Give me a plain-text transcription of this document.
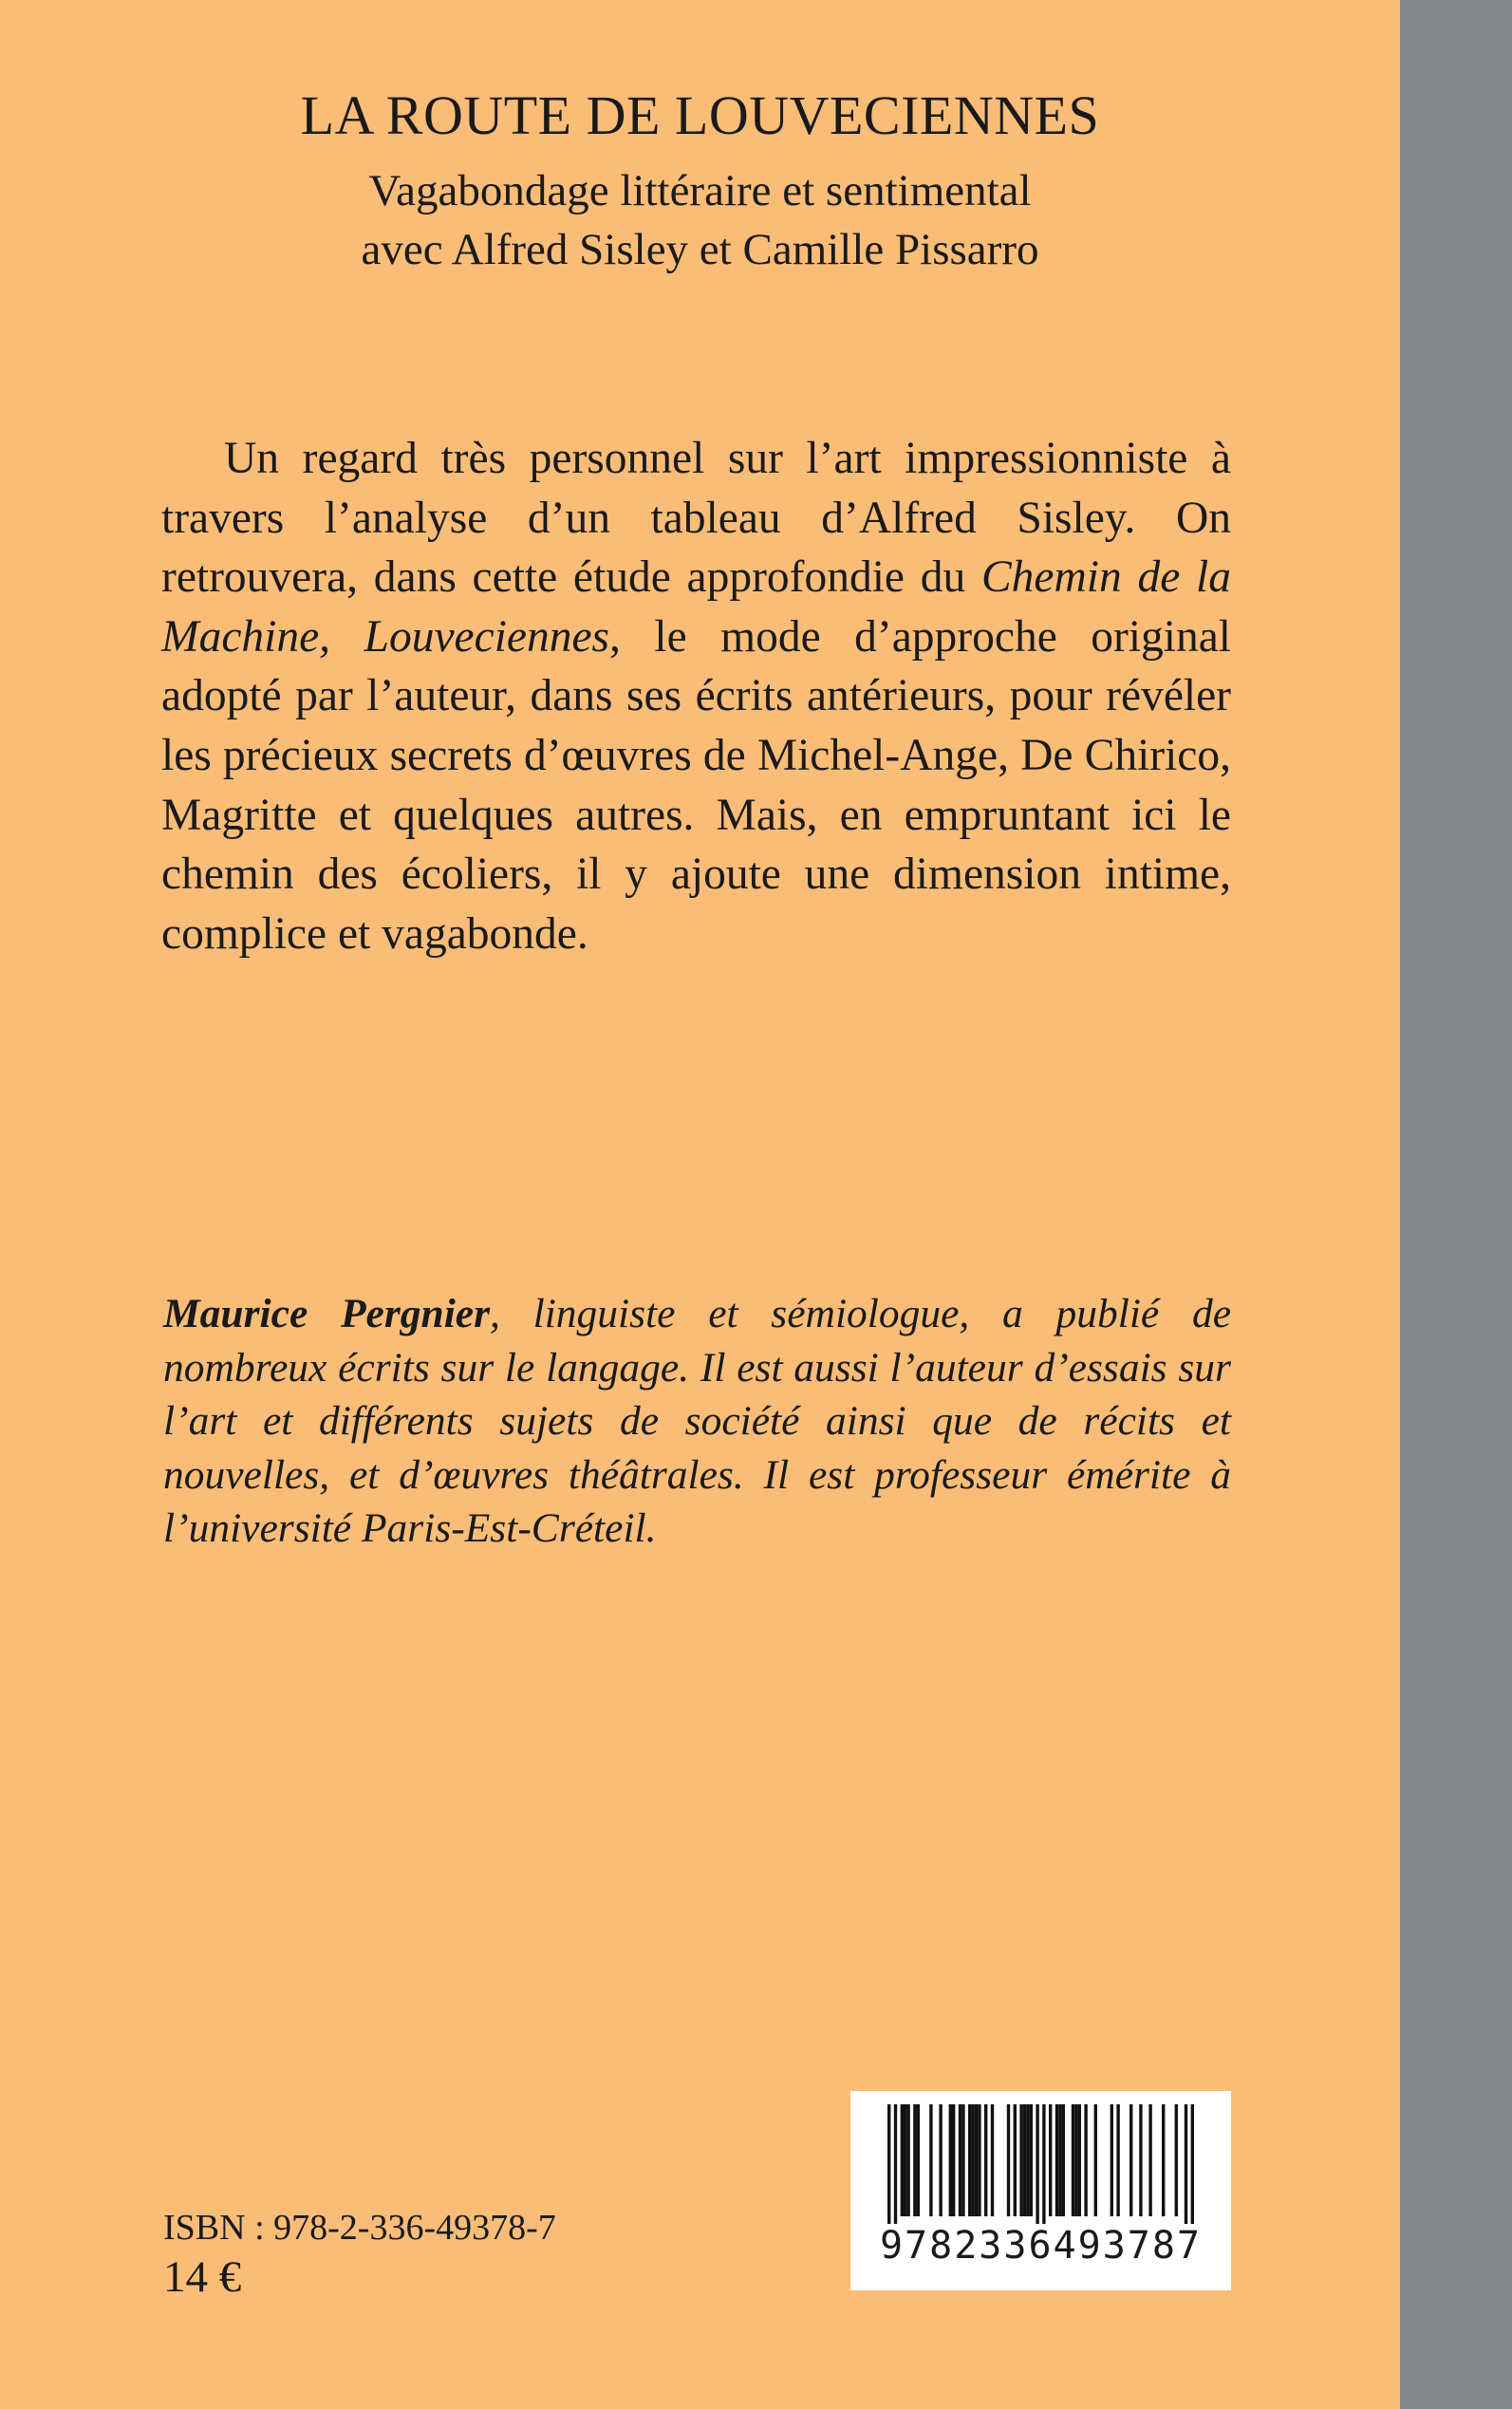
LA ROUTE DE LOUVECIENNES
Vagabondage littéraire et sentimental
avec Alfred Sisley et Camille Pissarro

Un regard très personnel sur l’art impressionniste à travers l’analyse d’un tableau d’Alfred Sisley. On retrouvera, dans cette étude approfondie du Chemin de la Machine, Louveciennes, le mode d’approche original adopté par l’auteur, dans ses écrits antérieurs, pour révéler les précieux secrets d’œuvres de Michel-Ange, De Chirico, Magritte et quelques autres. Mais, en empruntant ici le chemin des écoliers, il y ajoute une dimension intime, complice et vagabonde.

Maurice Pergnier, linguiste et sémiologue, a publié de nombreux écrits sur le langage. Il est aussi l’auteur d’essais sur l’art et différents sujets de société ainsi que de récits et nouvelles, et d’œuvres théâtrales. Il est professeur émérite à l’université Paris-Est-Créteil.

ISBN : 978-2-336-49378-7

14 €

9782336493787
